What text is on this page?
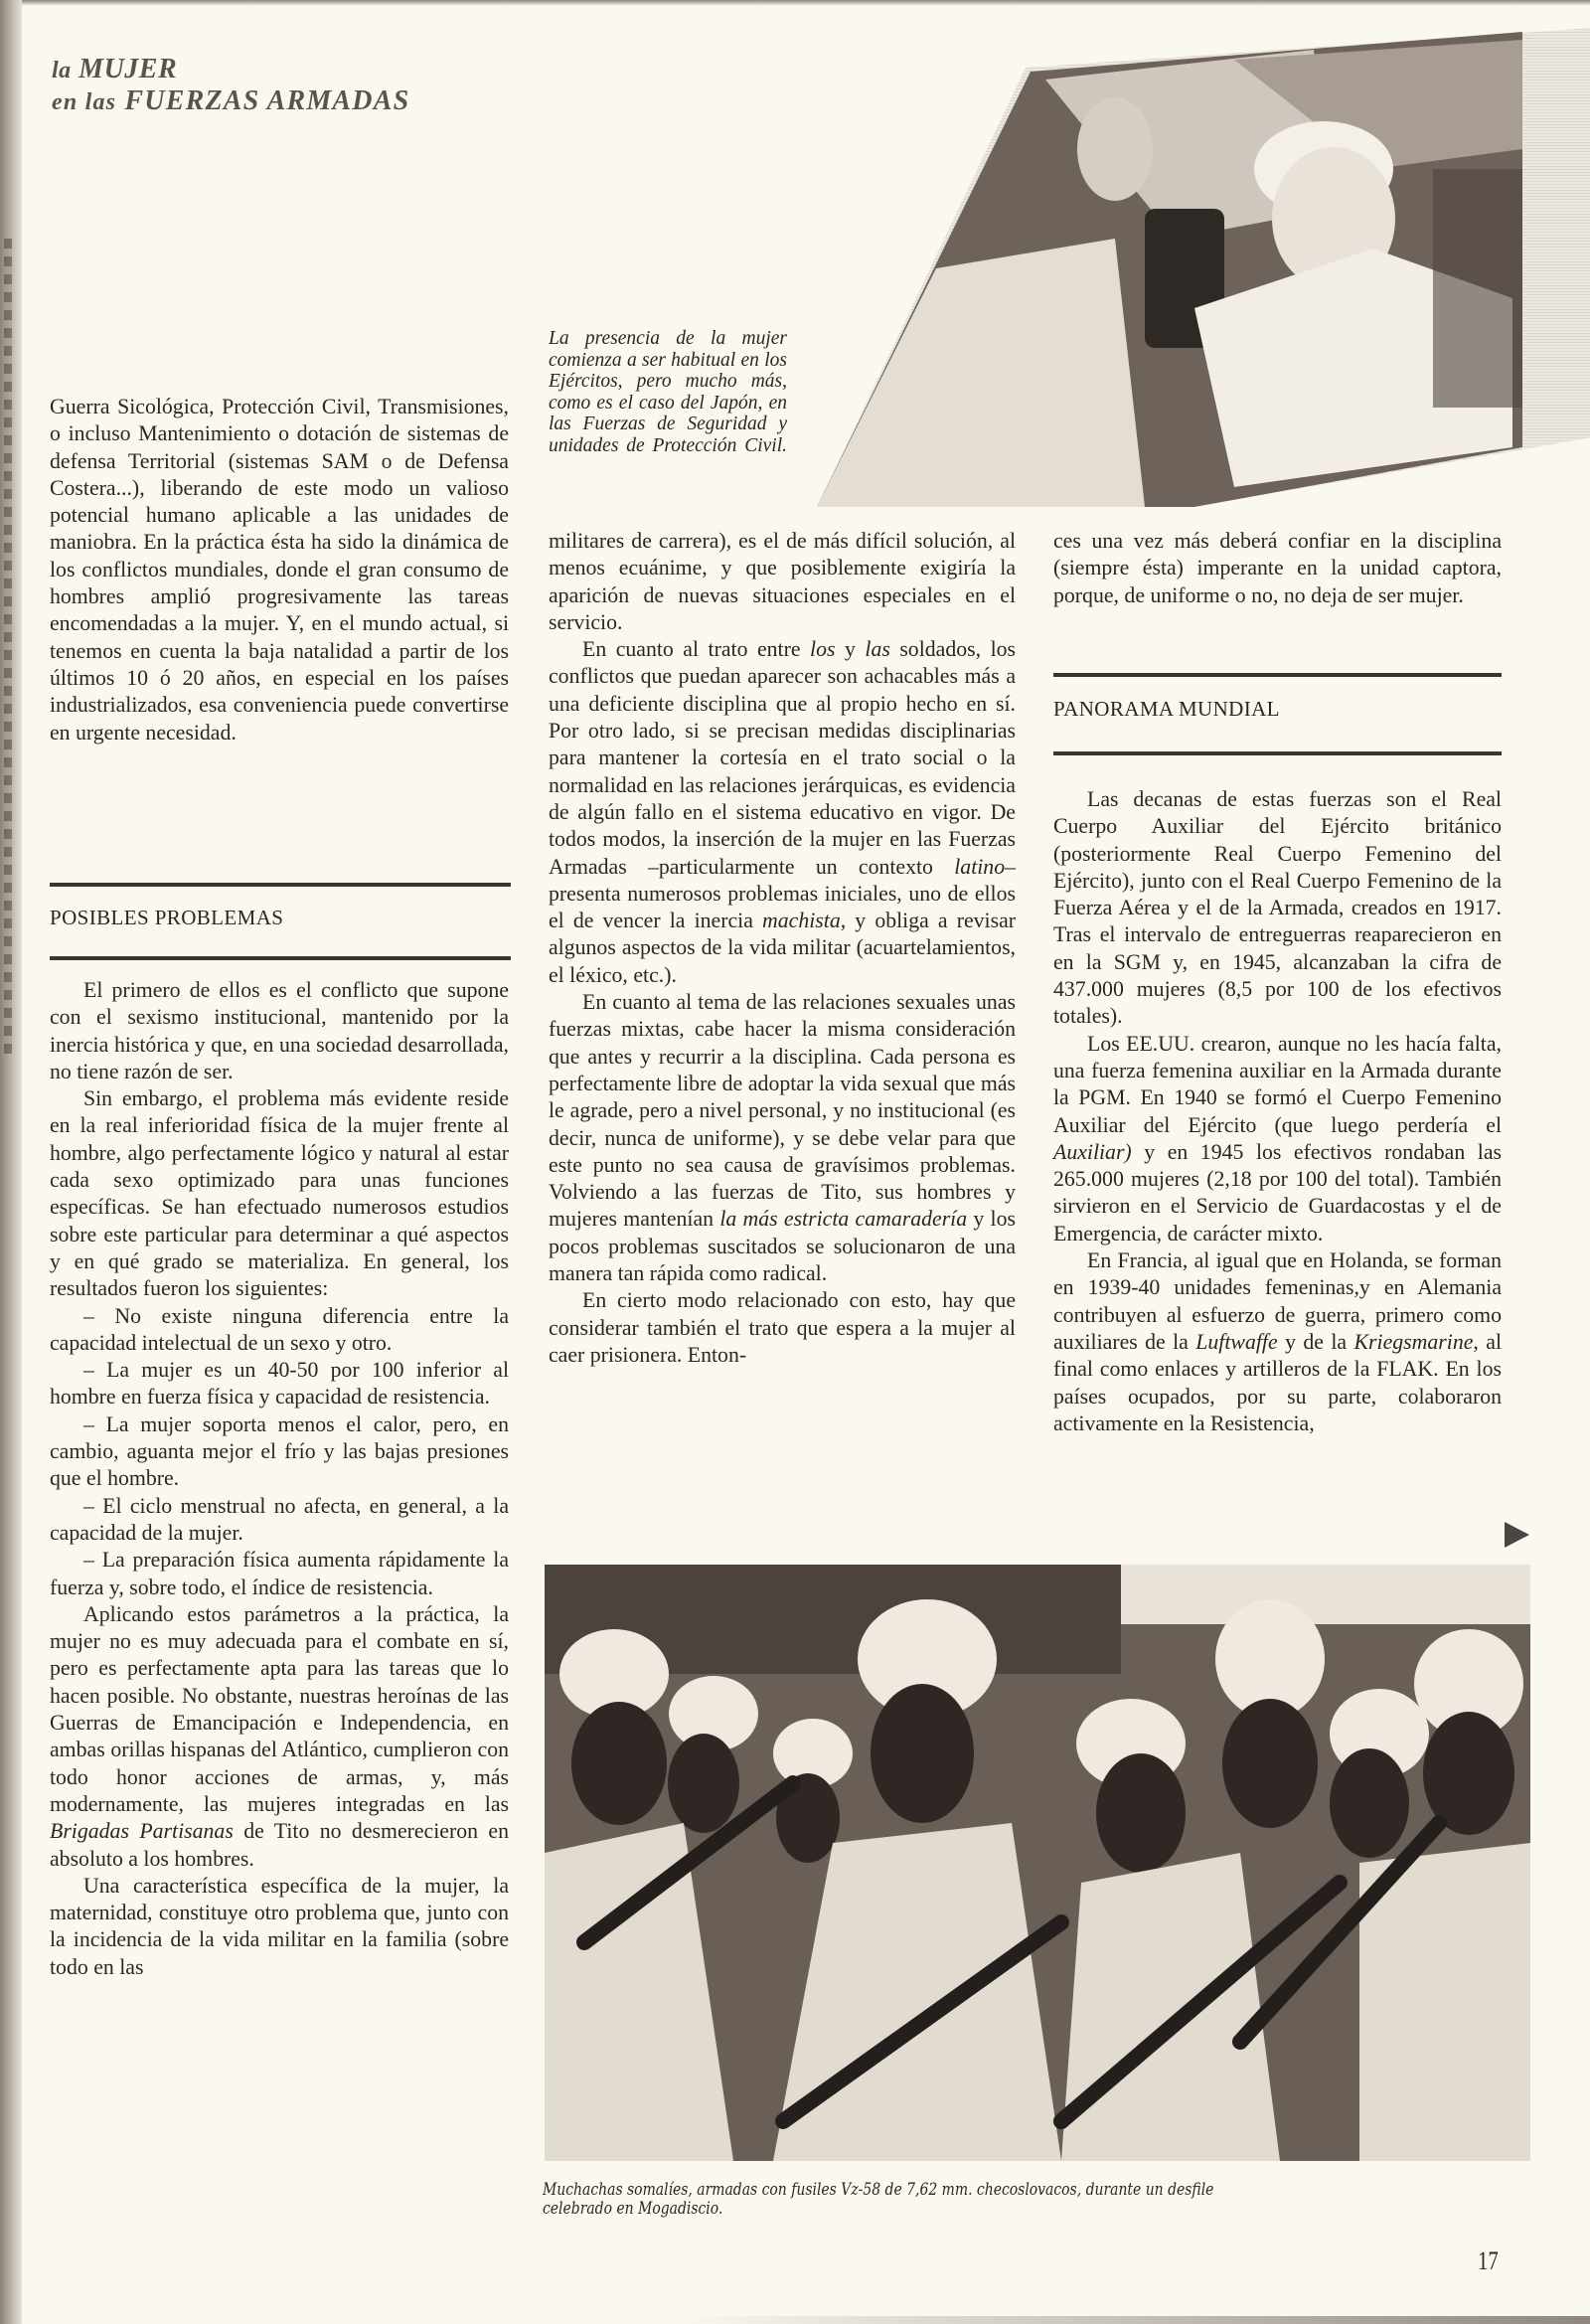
la MUJER
en las FUERZAS ARMADAS
La presencia de la mujer comienza a ser habitual en los Ejércitos, pero mucho más, como es el caso del Japón, en las Fuerzas de Seguridad y unidades de Protección Civil.

Guerra Sicológica, Protección Civil, Transmisiones, o incluso Mantenimiento o dotación de sistemas de defensa Territorial (sistemas SAM o de Defensa Costera...), liberando de este modo un valioso potencial humano aplicable a las unidades de maniobra. En la práctica ésta ha sido la dinámica de los conflictos mundiales, donde el gran consumo de hombres amplió progresivamente las tareas encomendadas a la mujer. Y, en el mundo actual, si tenemos en cuenta la baja natalidad a partir de los últimos 10 ó 20 años, en especial en los países industrializados, esa conveniencia puede convertirse en urgente necesidad.

POSIBLES PROBLEMAS

El primero de ellos es el conflicto que supone con el sexismo institucional, mantenido por la inercia histórica y que, en una sociedad desarrollada, no tiene razón de ser.

Sin embargo, el problema más evidente reside en la real inferioridad física de la mujer frente al hombre, algo perfectamente lógico y natural al estar cada sexo optimizado para unas funciones específicas. Se han efectuado numerosos estudios sobre este particular para determinar a qué aspectos y en qué grado se materializa. En general, los resultados fueron los siguientes:

– No existe ninguna diferencia entre la capacidad intelectual de un sexo y otro.

– La mujer es un 40-50 por 100 inferior al hombre en fuerza física y capacidad de resistencia.

– La mujer soporta menos el calor, pero, en cambio, aguanta mejor el frío y las bajas presiones que el hombre.

– El ciclo menstrual no afecta, en general, a la capacidad de la mujer.

– La preparación física aumenta rápidamente la fuerza y, sobre todo, el índice de resistencia.

Aplicando estos parámetros a la práctica, la mujer no es muy adecuada para el combate en sí, pero es perfectamente apta para las tareas que lo hacen posible. No obstante, nuestras heroínas de las Guerras de Emancipación e Independencia, en ambas orillas hispanas del Atlántico, cumplieron con todo honor acciones de armas, y, más modernamente, las mujeres integradas en las Brigadas Partisanas de Tito no desmerecieron en absoluto a los hombres.

Una característica específica de la mujer, la maternidad, constituye otro problema que, junto con la incidencia de la vida militar en la familia (sobre todo en las

militares de carrera), es el de más difícil solución, al menos ecuánime, y que posiblemente exigiría la aparición de nuevas situaciones especiales en el servicio.

En cuanto al trato entre los y las soldados, los conflictos que puedan aparecer son achacables más a una deficiente disciplina que al propio hecho en sí. Por otro lado, si se precisan medidas disciplinarias para mantener la cortesía en el trato social o la normalidad en las relaciones jerárquicas, es evidencia de algún fallo en el sistema educativo en vigor. De todos modos, la inserción de la mujer en las Fuerzas Armadas –particularmente un contexto latino– presenta numerosos problemas iniciales, uno de ellos el de vencer la inercia machista, y obliga a revisar algunos aspectos de la vida militar (acuartelamientos, el léxico, etc.).

En cuanto al tema de las relaciones sexuales unas fuerzas mixtas, cabe hacer la misma consideración que antes y recurrir a la disciplina. Cada persona es perfectamente libre de adoptar la vida sexual que más le agrade, pero a nivel personal, y no institucional (es decir, nunca de uniforme), y se debe velar para que este punto no sea causa de gravísimos problemas. Volviendo a las fuerzas de Tito, sus hombres y mujeres mantenían la más estricta camaradería y los pocos problemas suscitados se solucionaron de una manera tan rápida como radical.

En cierto modo relacionado con esto, hay que considerar también el trato que espera a la mujer al caer prisionera. Enton-

ces una vez más deberá confiar en la disciplina (siempre ésta) imperante en la unidad captora, porque, de uniforme o no, no deja de ser mujer.

PANORAMA MUNDIAL

Las decanas de estas fuerzas son el Real Cuerpo Auxiliar del Ejército británico (posteriormente Real Cuerpo Femenino del Ejército), junto con el Real Cuerpo Femenino de la Fuerza Aérea y el de la Armada, creados en 1917. Tras el intervalo de entreguerras reaparecieron en en la SGM y, en 1945, alcanzaban la cifra de 437.000 mujeres (8,5 por 100 de los efectivos totales).

Los EE.UU. crearon, aunque no les hacía falta, una fuerza femenina auxiliar en la Armada durante la PGM. En 1940 se formó el Cuerpo Femenino Auxiliar del Ejército (que luego perdería el Auxiliar) y en 1945 los efectivos rondaban las 265.000 mujeres (2,18 por 100 del total). También sirvieron en el Servicio de Guardacostas y el de Emergencia, de carácter mixto.

En Francia, al igual que en Holanda, se forman en 1939-40 unidades femeninas,y en Alemania contribuyen al esfuerzo de guerra, primero como auxiliares de la Luftwaffe y de la Kriegsmarine, al final como enlaces y artilleros de la FLAK. En los países ocupados, por su parte, colaboraron activamente en la Resistencia,

Muchachas somalíes, armadas con fusiles Vz-58 de 7,62 mm. checoslovacos, durante un desfile
celebrado en Mogadiscio.
17
